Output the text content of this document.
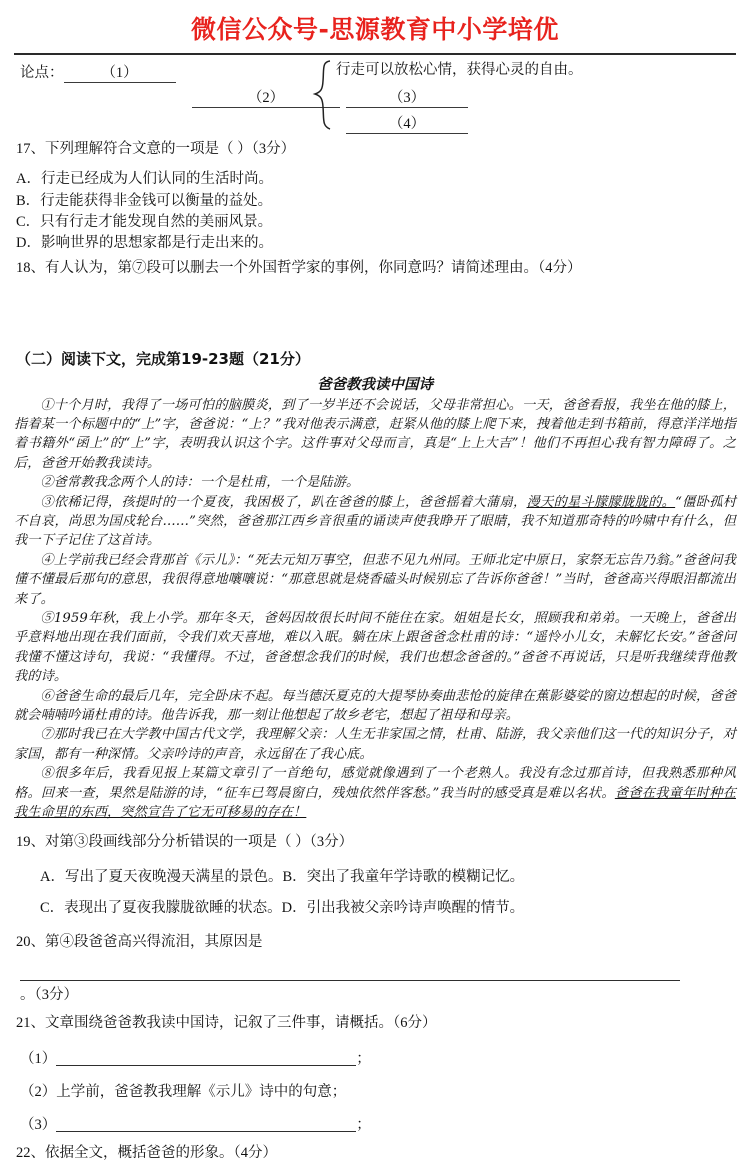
微信公众号-思源教育中小学培优
论点：	（1）
（2）
行走可以放松心情，获得心灵的自由。
（3）
（4）
17、下列理解符合文意的一项是（ ）（3分）
A．行走已经成为人们认同的生活时尚。
B．行走能获得非金钱可以衡量的益处。
C．只有行走才能发现自然的美丽风景。
D．影响世界的思想家都是行走出来的。
18、有人认为，第⑦段可以删去一个外国哲学家的事例，你同意吗？请简述理由。（4分）
（二）阅读下文，完成第19-23题（21分）
爸爸教我读中国诗

①十个月时，我得了一场可怕的脑膜炎，到了一岁半还不会说话，父母非常担心。一天，爸爸看报，我坐在他的膝上，指着某一个标题中的“上”字，爸爸说：“上？”我对他表示满意，赶紧从他的膝上爬下来，拽着他走到书箱前，得意洋洋地指着书籍外“函上”的“上”字，表明我认识这个字。这件事对父母而言，真是“上上大吉”！他们不再担心我有智力障碍了。之后，爸爸开始教我读诗。

②爸常教我念两个人的诗：一个是杜甫，一个是陆游。

③依稀记得，孩提时的一个夏夜，我困极了，趴在爸爸的膝上，爸爸摇着大蒲扇，漫天的星斗朦朦胧胧的。“僵卧孤村不自哀，尚思为国戍轮台……”突然，爸爸那江西乡音很重的诵读声使我睁开了眼睛，我不知道那奇特的吟啸中有什么，但我一下子记住了这首诗。

④上学前我已经会背那首《示儿》：“死去元知万事空，但悲不见九州同。王师北定中原日，家祭无忘告乃翁。”爸爸问我懂不懂最后那句的意思，我很得意地嚷嚷说：“那意思就是烧香磕头时候别忘了告诉你爸爸！”当时，爸爸高兴得眼泪都流出来了。

⑤1959年秋，我上小学。那年冬天，爸妈因故很长时间不能住在家。姐姐是长女，照顾我和弟弟。一天晚上，爸爸出乎意料地出现在我们面前，令我们欢天喜地，难以入眠。躺在床上跟爸爸念杜甫的诗：“遥怜小儿女，未解忆长安。”爸爸问我懂不懂这诗句，我说：“我懂得。不过，爸爸想念我们的时候，我们也想念爸爸的。”爸爸不再说话，只是听我继续背他教我的诗。

⑥爸爸生命的最后几年，完全卧床不起。每当德沃夏克的大提琴协奏曲悲怆的旋律在蕉影婆娑的窗边想起的时候，爸爸就会喃喃吟诵杜甫的诗。他告诉我，那一刻让他想起了故乡老宅，想起了祖母和母亲。

⑦那时我已在大学教中国古代文学，我理解父亲：人生无非家国之情，杜甫、陆游，我父亲他们这一代的知识分子，对家国，都有一种深情。父亲吟诗的声音，永远留在了我心底。

⑧很多年后，我看见报上某篇文章引了一首绝句，感觉就像遇到了一个老熟人。我没有念过那首诗，但我熟悉那种风格。回来一查，果然是陆游的诗，“征车已驾晨窗白，残烛依然伴客愁。”我当时的感受真是难以名状。爸爸在我童年时种在我生命里的东西，突然宣告了它无可移易的存在！

19、对第③段画线部分分析错误的一项是（ ）（3分）
A．写出了夏天夜晚漫天满星的景色。B．突出了我童年学诗歌的模糊记忆。
C．表现出了夏夜我朦胧欲睡的状态。D．引出我被父亲吟诗声唤醒的情节。
20、第④段爸爸高兴得流泪，其原因是
。（3分）
21、文章围绕爸爸教我读中国诗，记叙了三件事，请概括。（6分）
（1）	；
（2）上学前，爸爸教我理解《示儿》诗中的句意；
（3）	；
22、依据全文，概括爸爸的形象。（4分）
